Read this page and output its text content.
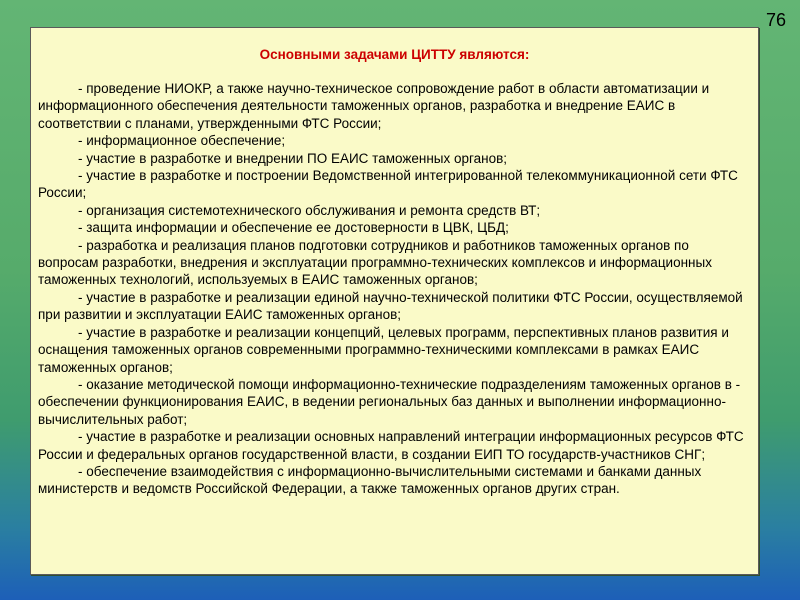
76
Основными задачами ЦИТТУ являются:

- проведение НИОКР, а также научно-техническое сопровождение работ в области автоматизации и информационного обеспечения деятельности таможенных органов, разработка и внедрение ЕАИС в соответствии с планами, утвержденными ФТС России;

- информационное обеспечение;

- участие в разработке и внедрении ПО ЕАИС таможенных органов;

- участие в разработке и построении Ведомственной интегрированной телекоммуникационной сети ФТС России;

- организация системотехнического обслуживания и ремонта средств ВТ;

- защита информации и обеспечение ее достоверности в ЦВК, ЦБД;

- разработка и реализация планов подготовки сотрудников и работников таможенных органов по вопросам разработки, внедрения и эксплуатации программно-технических комплексов и информационных таможенных технологий, используемых в ЕАИС таможенных органов;

- участие в разработке и реализации единой научно-технической политики ФТС России, осуществляемой при развитии и эксплуатации ЕАИС таможенных органов;

- участие в разработке и реализации концепций, целевых программ, перспективных планов развития и оснащения таможенных органов современными программно-техническими комплексами в рамках ЕАИС таможенных органов;

- оказание методической помощи информационно-технические подразделениям таможенных органов в - обеспечении функционирования ЕАИС, в ведении региональных баз данных и выполнении информационно-вычислительных работ;

- участие в разработке и реализации основных направлений интеграции информационных ресурсов ФТС России и федеральных органов государственной власти, в создании ЕИП ТО государств-участников СНГ;

- обеспечение взаимодействия с информационно-вычислительными системами и банками данных министерств и ведомств Российской Федерации, а также таможенных органов других стран.
